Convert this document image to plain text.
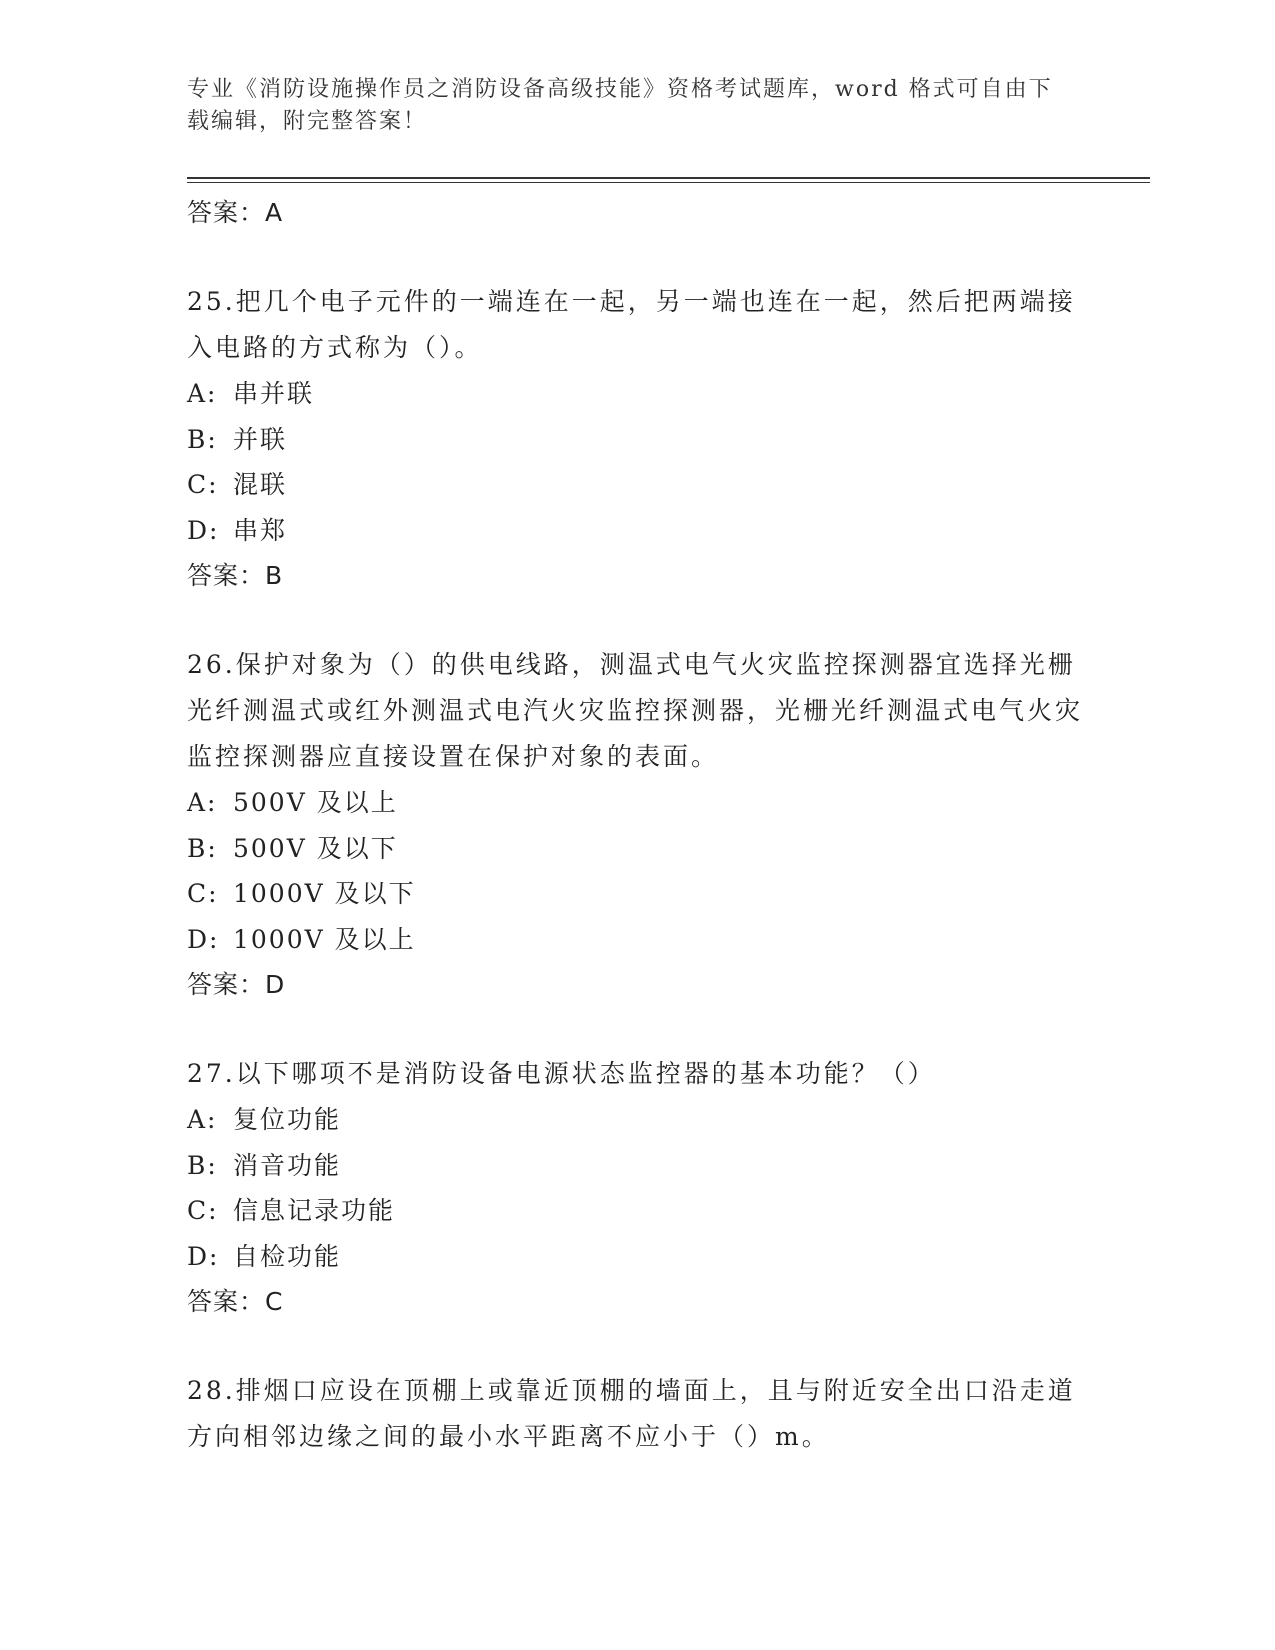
专业《消防设施操作员之消防设备高级技能》资格考试题库，word 格式可自由下载编辑，附完整答案！
答案：A
25.把几个电子元件的一端连在一起，另一端也连在一起，然后把两端接入电路的方式称为（）。
A: 串并联
B: 并联
C: 混联
D: 串郑
答案：B
26.保护对象为（）的供电线路，测温式电气火灾监控探测器宜选择光栅光纤测温式或红外测温式电汽火灾监控探测器，光栅光纤测温式电气火灾监控探测器应直接设置在保护对象的表面。
A: 500V 及以上
B: 500V 及以下
C: 1000V 及以下
D: 1000V 及以上
答案：D
27.以下哪项不是消防设备电源状态监控器的基本功能？（）
A: 复位功能
B: 消音功能
C: 信息记录功能
D: 自检功能
答案：C
28.排烟口应设在顶棚上或靠近顶棚的墙面上，且与附近安全出口沿走道方向相邻边缘之间的最小水平距离不应小于（）m。
